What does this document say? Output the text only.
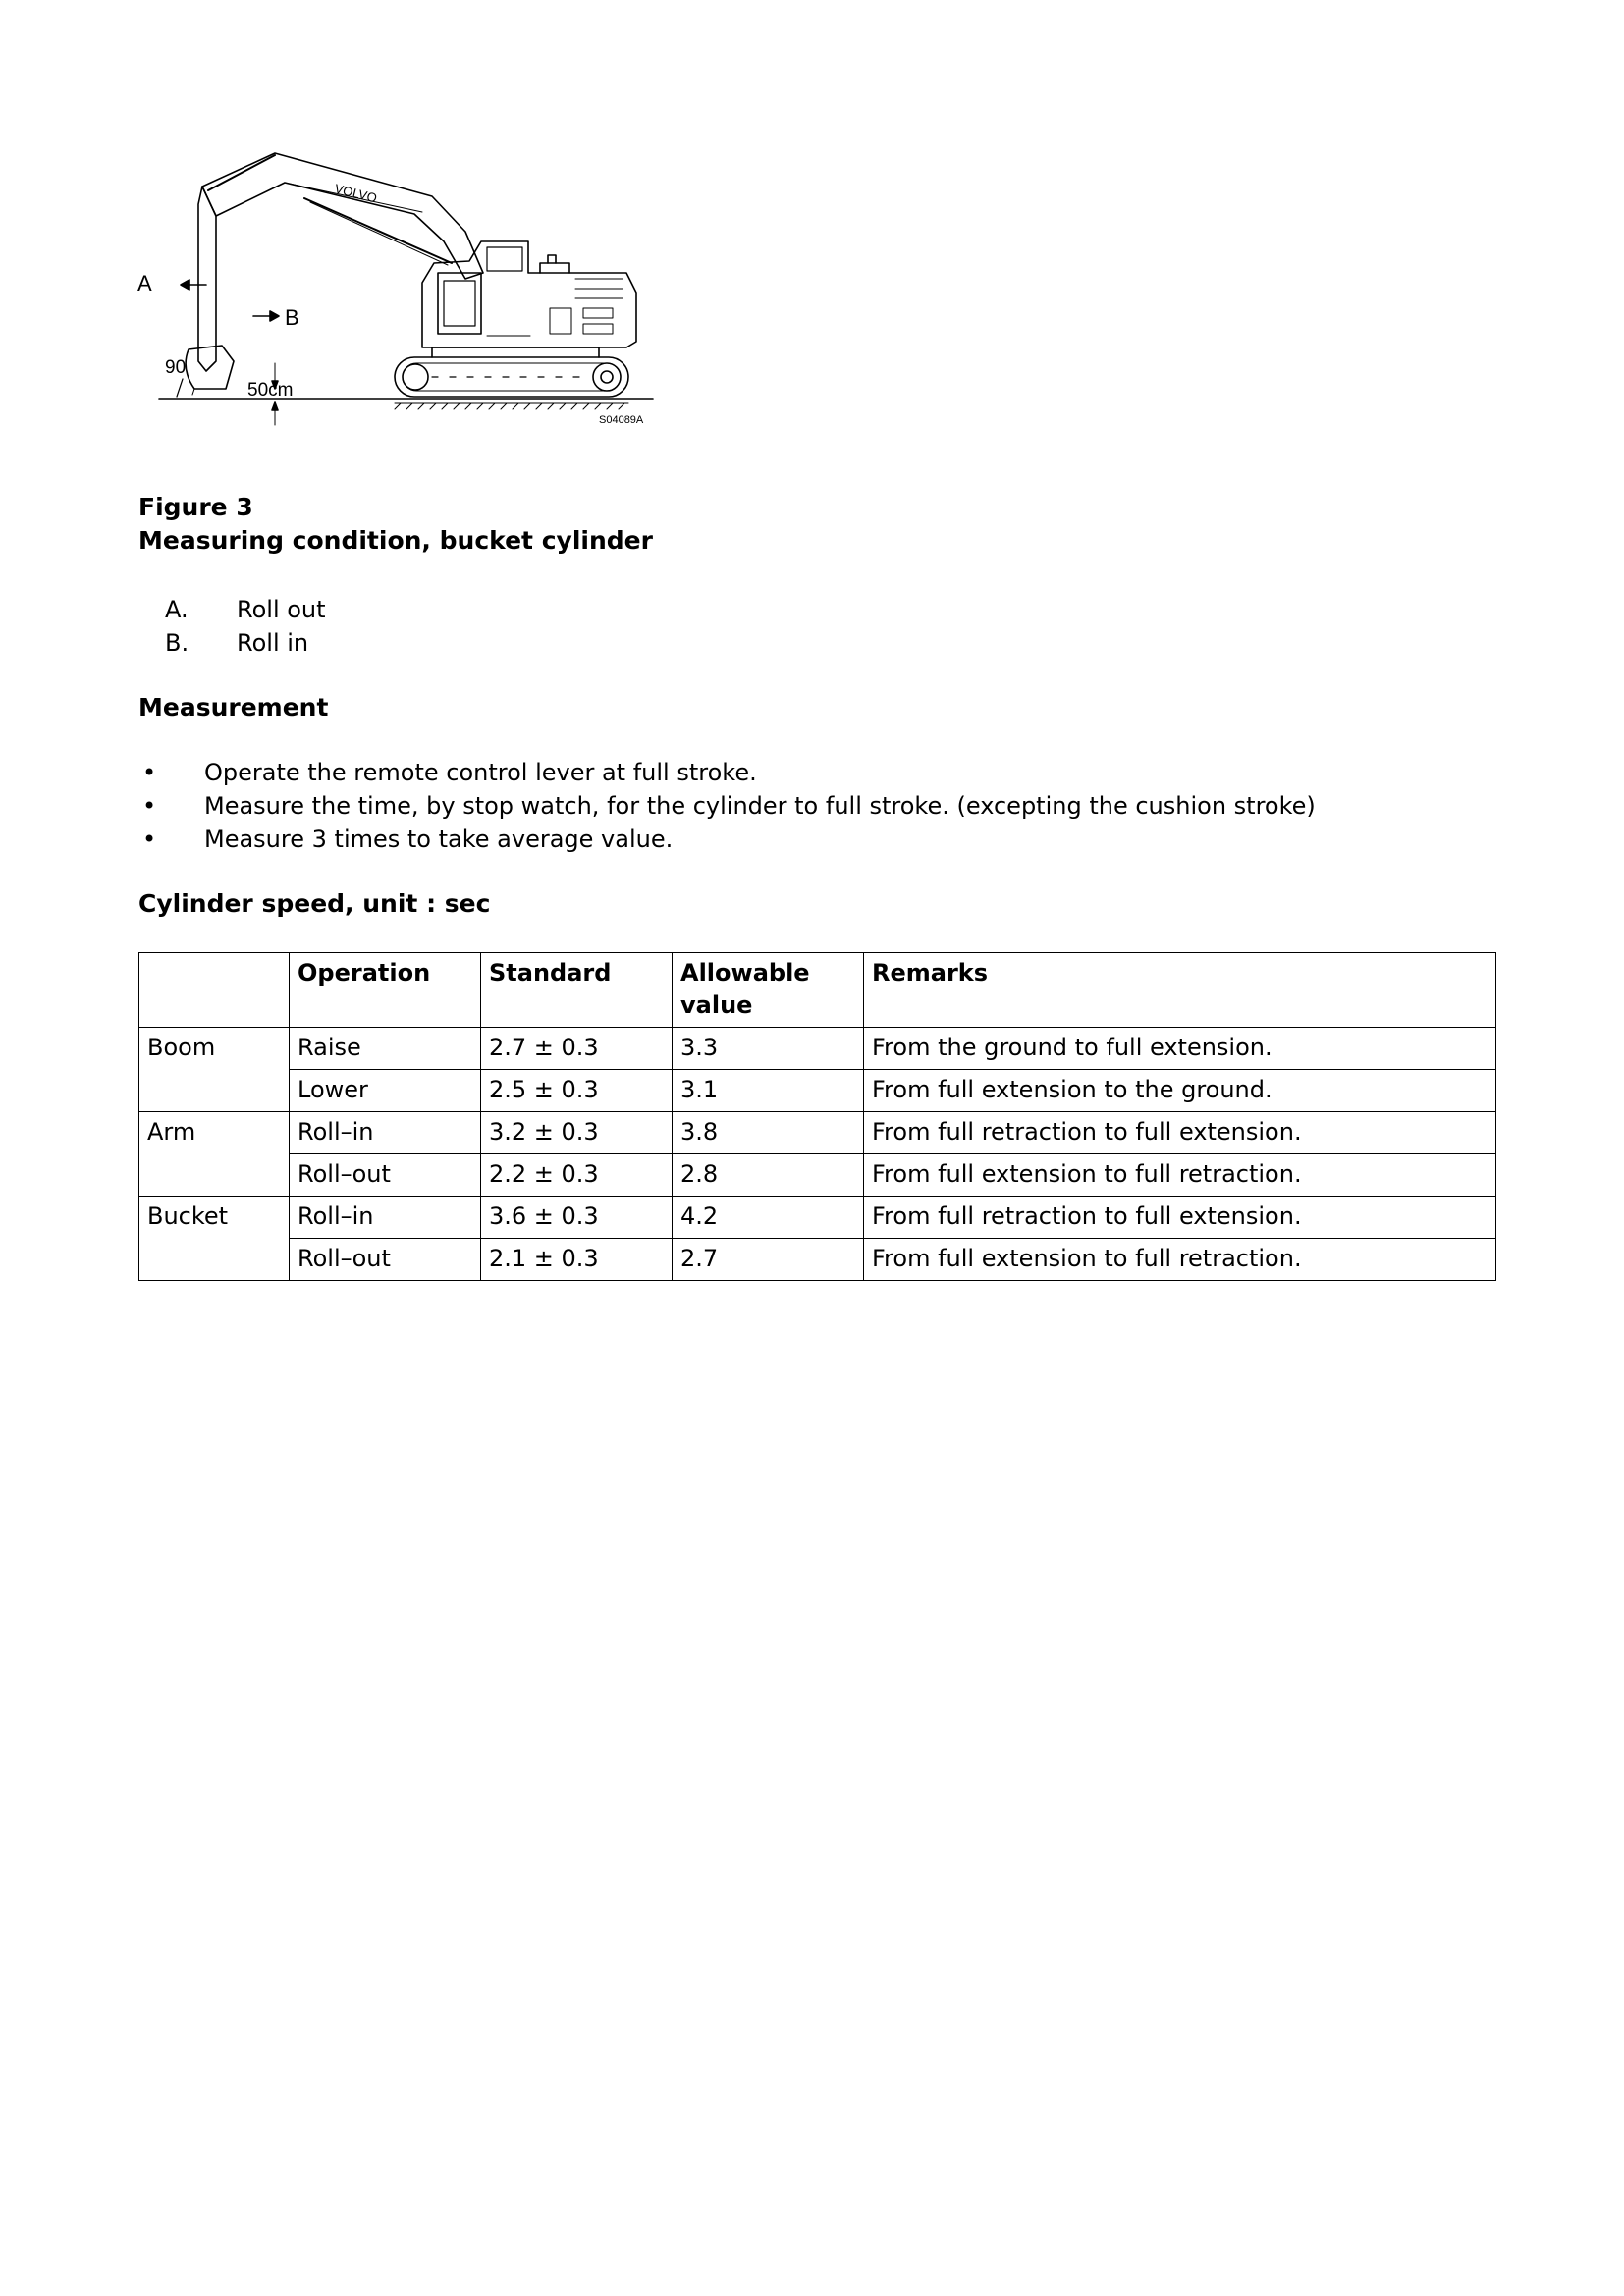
VOLVO
A
B
90
50cm
S04089A
Figure 3
Measuring condition, bucket cylinder
A.	Roll out
B.	Roll in
Measurement
•	Operate the remote control lever at full stroke.
•	Measure the time, by stop watch, for the cylinder to full stroke. (excepting the cushion stroke)
•	Measure 3 times to take average value.
Cylinder speed, unit : sec
	Operation	Standard	Allowable value	Remarks
Boom	Raise	2.7 ± 0.3	3.3	From the ground to full extension.
	Lower	2.5 ± 0.3	3.1	From full extension to the ground.
Arm	Roll–in	3.2 ± 0.3	3.8	From full retraction to full extension.
	Roll–out	2.2 ± 0.3	2.8	From full extension to full retraction.
Bucket	Roll–in	3.6 ± 0.3	4.2	From full retraction to full extension.
	Roll–out	2.1 ± 0.3	2.7	From full extension to full retraction.
